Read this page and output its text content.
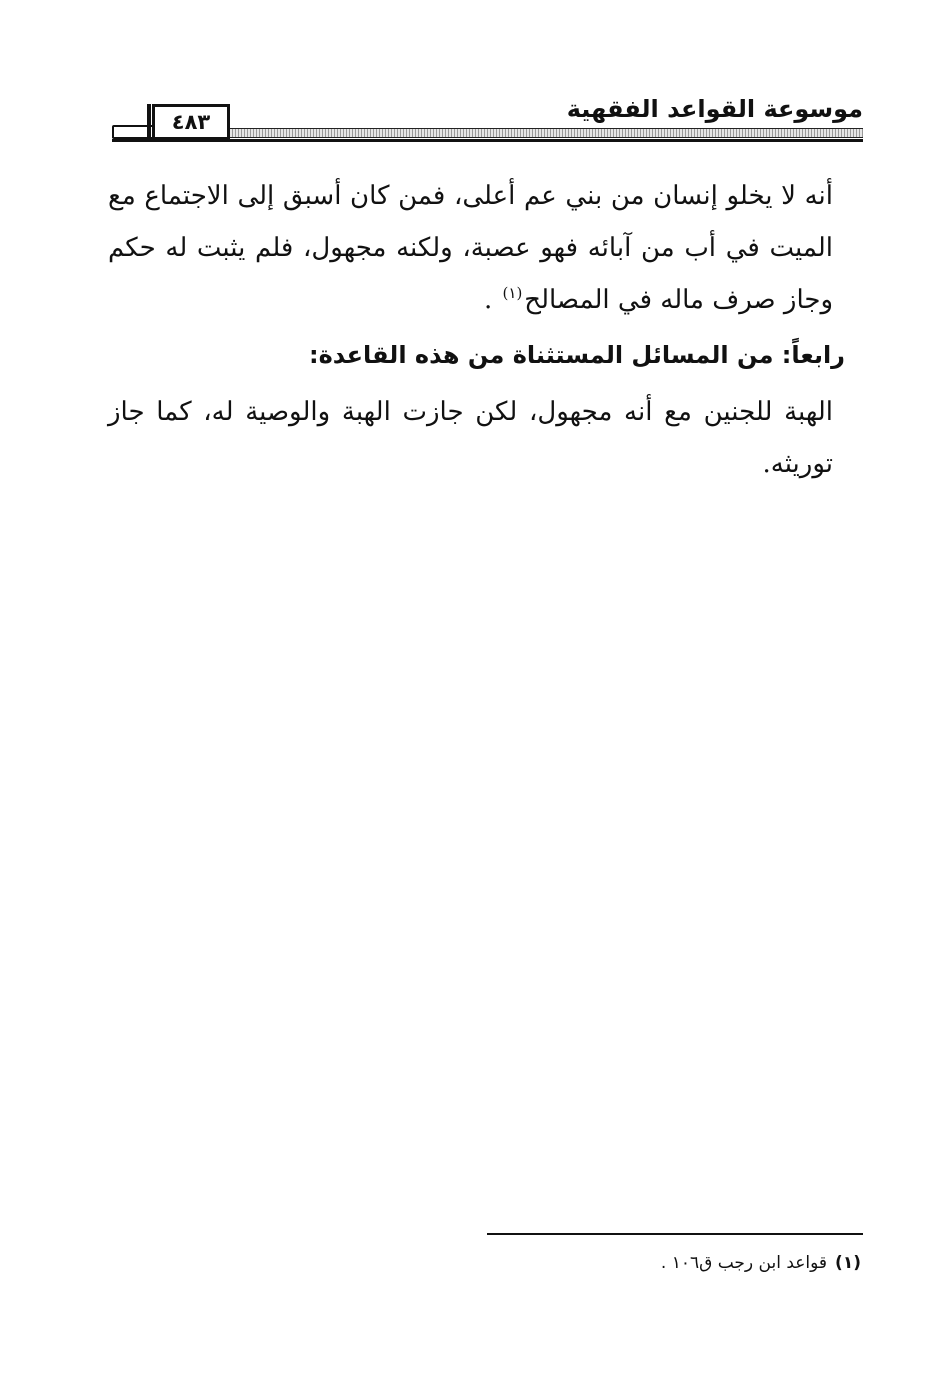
موسوعة القواعد الفقهية
٤٨٣

أنه لا يخلو إنسان من بني عم أعلى، فمن كان أسبق إلى الاجتماع مع الميت في أب من آبائه فهو عصبة، ولكنه مجهول، فلم يثبت له حكم وجاز صرف ماله في المصالح$^{(١)}$ .

رابعاً: من المسائل المستثناة من هذه القاعدة:

الهبة للجنين مع أنه مجهول، لكن جازت الهبة والوصية له، كما جاز توريثه.

(١)قواعد ابن رجب ق١٠٦ .
